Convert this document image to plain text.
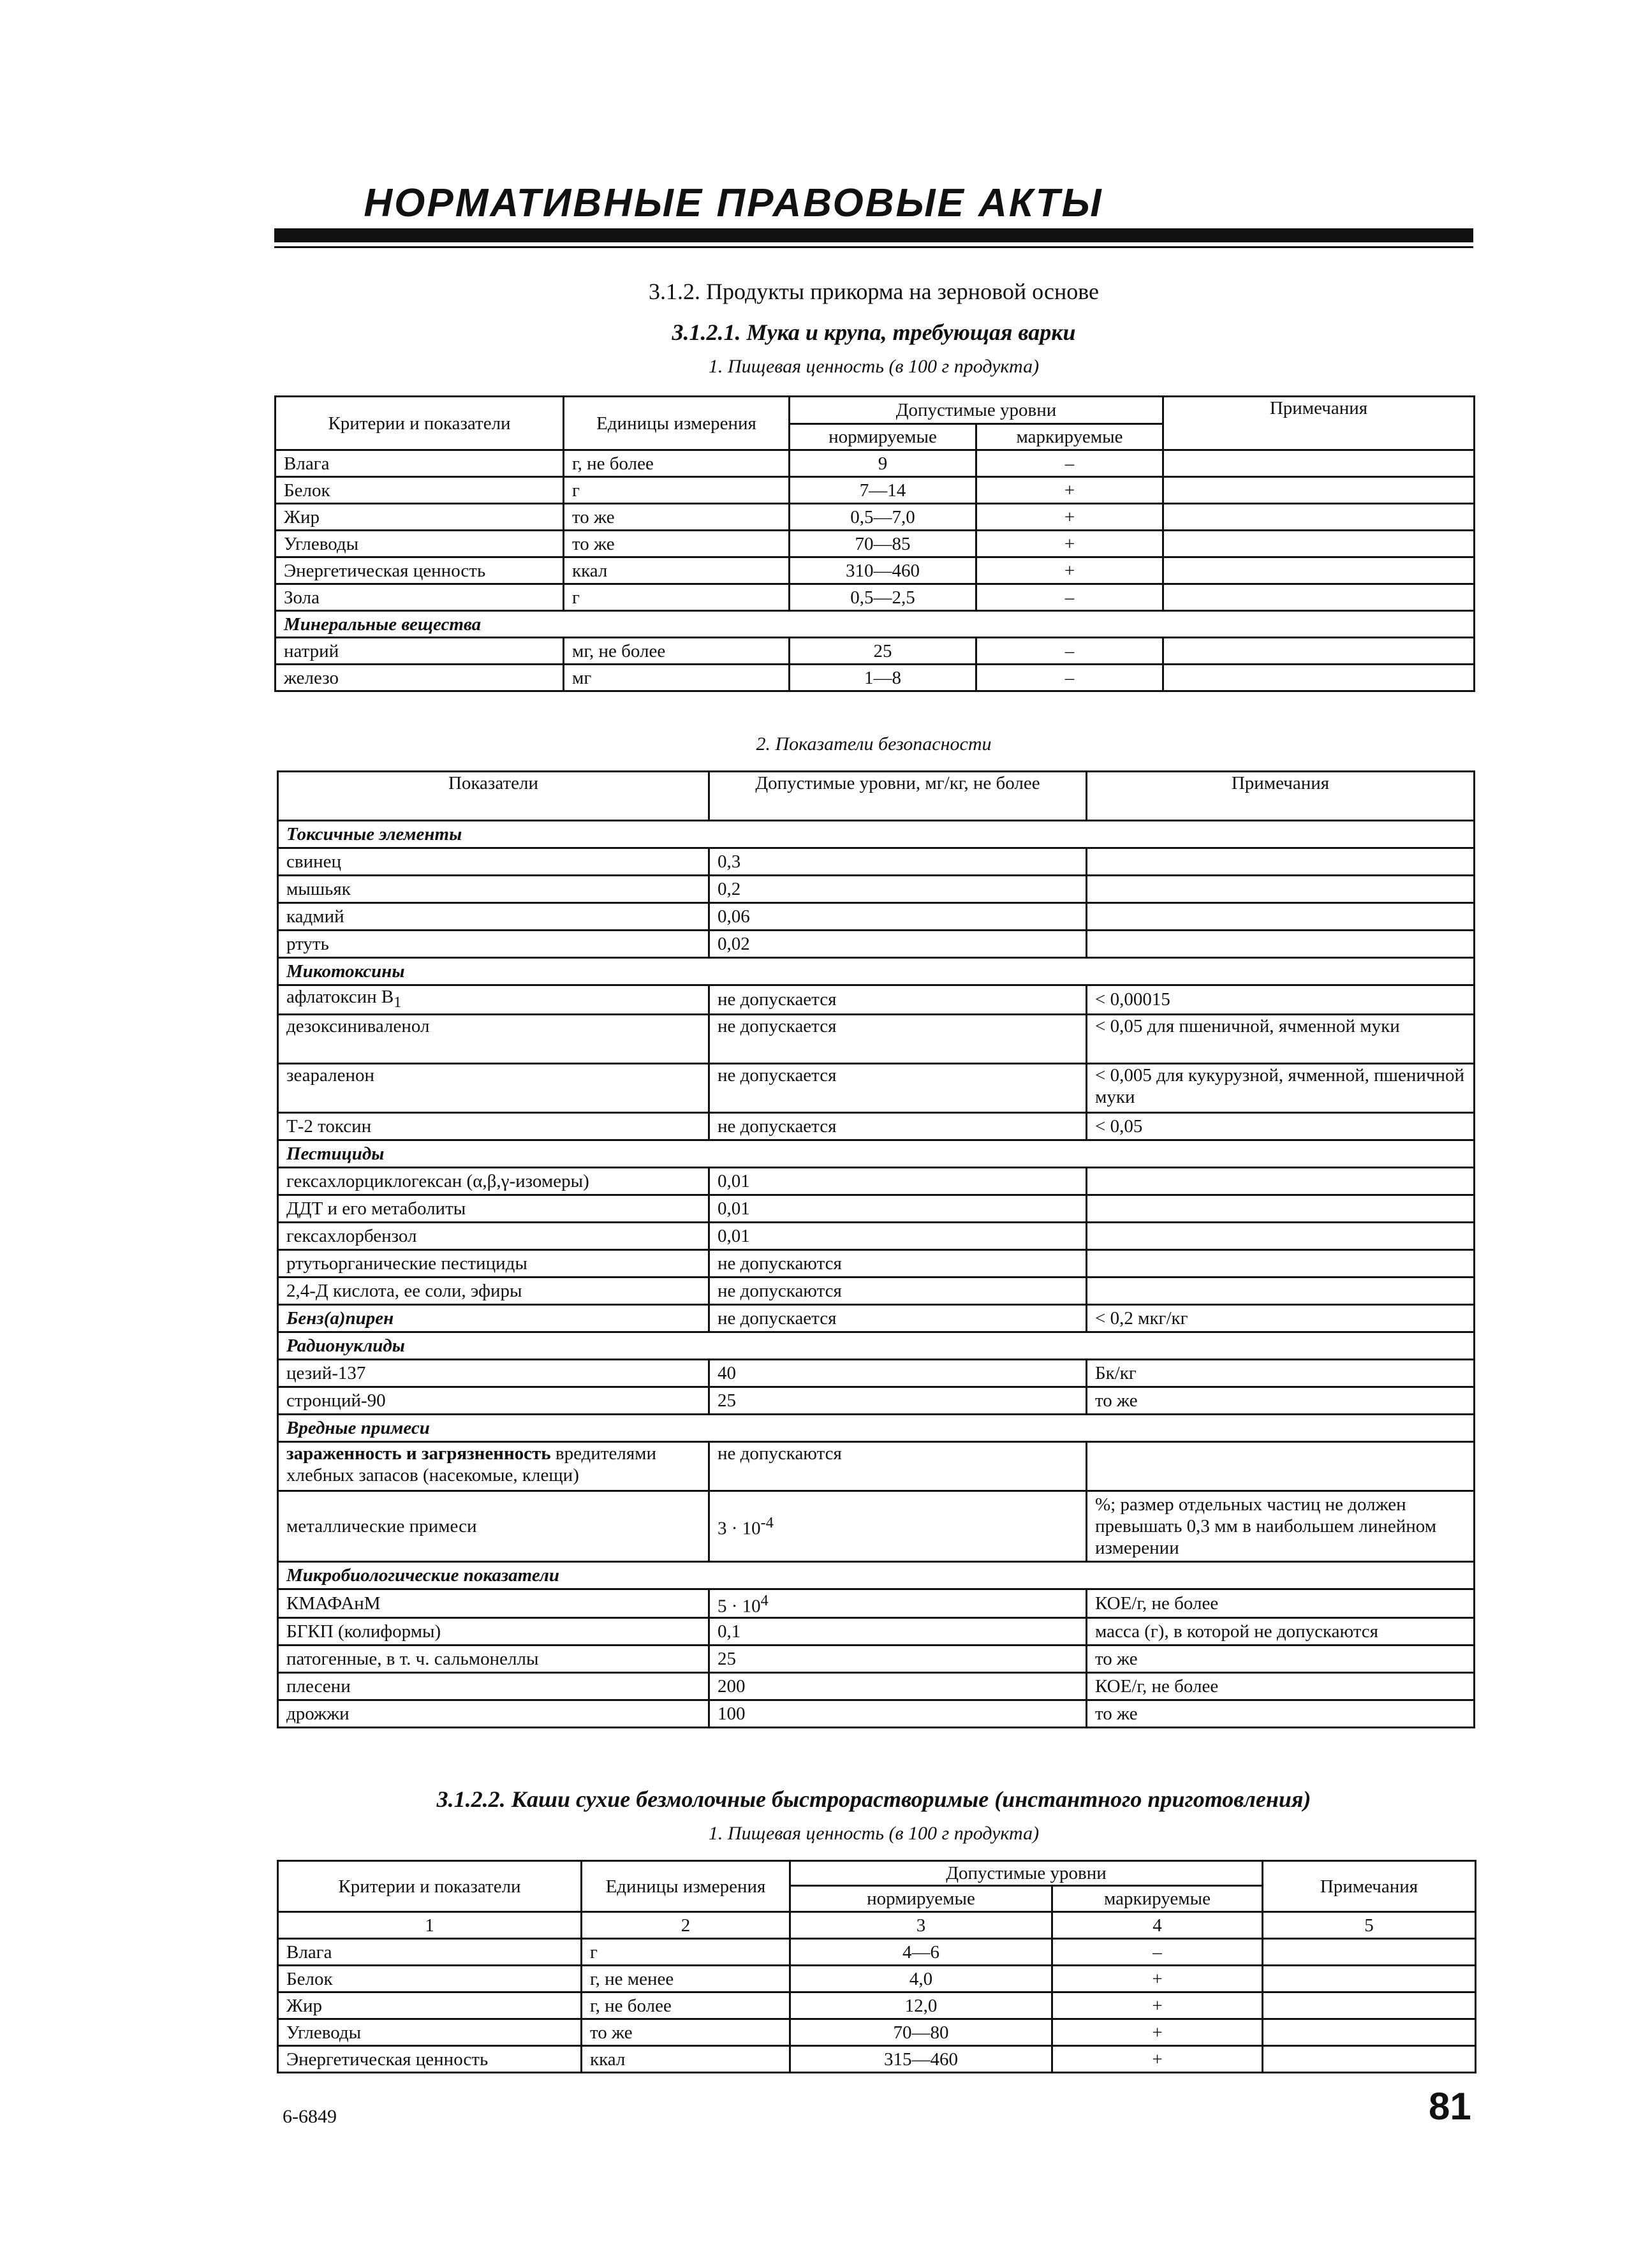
НОРМАТИВНЫЕ ПРАВОВЫЕ АКТЫ
3.1.2. Продукты прикорма на зерновой основе
3.1.2.1. Мука и крупа, требующая варки
1. Пищевая ценность (в 100 г продукта)
Критерии и показатели	Единицы измерения	Допустимые уровни		Примечания
		нормируемые	маркируемые	
Влага	г, не более	9	–	
Белок	г	7—14	+	
Жир	то же	0,5—7,0	+	
Углеводы	то же	70—85	+	
Энергетическая ценность	ккал	310—460	+	
Зола	г	0,5—2,5	–	
Минеральные вещества				
натрий	мг, не более	25	–	
железо	мг	1—8	–	
2. Показатели безопасности
Показатели	Допустимые уровни, мг/кг, не более	Примечания
Токсичные элементы		
свинец	0,3	
мышьяк	0,2	
кадмий	0,06	
ртуть	0,02	
Микотоксины		
афлатоксин $B_1$	не допускается	< 0,00015
дезоксиниваленол	не допускается	< 0,05 для пшеничной, ячменной муки
зеараленон	не допускается	< 0,005 для кукурузной, ячменной, пшеничной муки
Т-2 токсин	не допускается	< 0,05
Пестициды		
гексахлорциклогексан (α,β,γ-изомеры)	0,01	
ДДТ и его метаболиты	0,01	
гексахлорбензол	0,01	
ртутьорганические пестициды	не допускаются	
2,4-Д кислота, ее соли, эфиры	не допускаются	
Бенз(а)пирен	не допускается	< 0,2 мкг/кг
Радионуклиды		
цезий-137	40	Бк/кг
стронций-90	25	то же
Вредные примеси		
зараженность и загрязненность вредителями хлебных запасов (насекомые, клещи)	не допускаются	
металлические примеси	$3 \cdot 10^{-4}$	%; размер отдельных частиц не должен превышать 0,3 мм в наибольшем линейном измерении
Микробиологические показатели		
КМАФАнМ	$5 \cdot 10^4$	КОЕ/г, не более
БГКП (колиформы)	0,1	масса (г), в которой не допускаются
патогенные, в т. ч. сальмонеллы	25	то же
плесени	200	КОЕ/г, не более
дрожжи	100	то же
3.1.2.2. Каши сухие безмолочные быстрорастворимые (инстантного приготовления)
1. Пищевая ценность (в 100 г продукта)
Критерии и показатели	Единицы измерения	Допустимые уровни		Примечания
		нормируемые	маркируемые	
1	2	3	4	5
Влага	г	4—6	–	
Белок	г, не менее	4,0	+	
Жир	г, не более	12,0	+	
Углеводы	то же	70—80	+	
Энергетическая ценность	ккал	315—460	+	
6-6849	81
